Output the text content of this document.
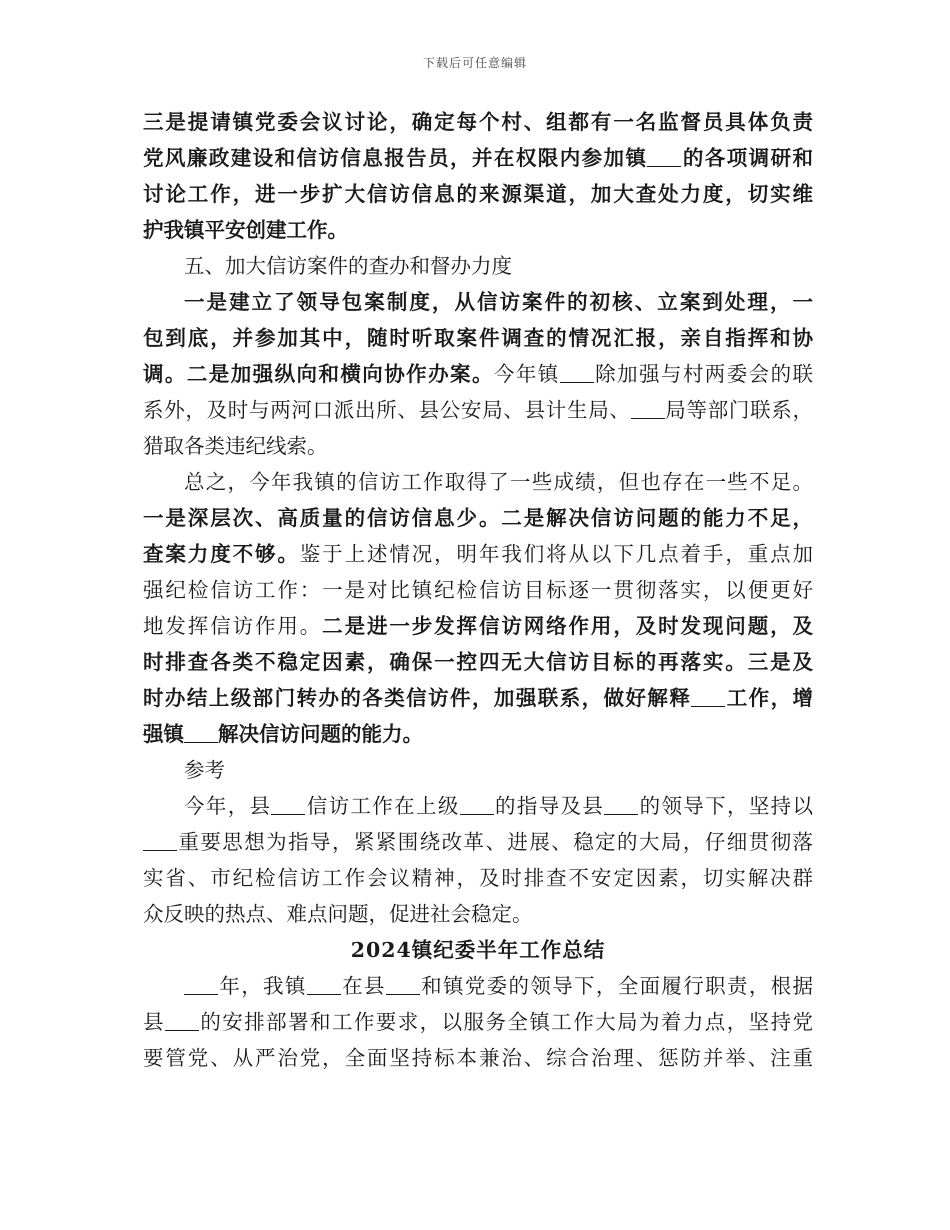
下载后可任意编辑
三是提请镇党委会议讨论，确定每个村、组都有一名监督员具体负责
党风廉政建设和信访信息报告员，并在权限内参加镇 的各项调研和
讨论工作，进一步扩大信访信息的来源渠道，加大查处力度，切实维
护我镇平安创建工作。
五、加大信访案件的查办和督办力度
一是建立了领导包案制度，从信访案件的初核、立案到处理，一
包到底，并参加其中，随时听取案件调查的情况汇报，亲自指挥和协
调。二是加强纵向和横向协作办案。今年镇 除加强与村两委会的联
系外，及时与两河口派出所、县公安局、县计生局、 局等部门联系，
猎取各类违纪线索。
总之，今年我镇的信访工作取得了一些成绩，但也存在一些不足。
一是深层次、高质量的信访信息少。二是解决信访问题的能力不足，
查案力度不够。鉴于上述情况，明年我们将从以下几点着手，重点加
强纪检信访工作：一是对比镇纪检信访目标逐一贯彻落实，以便更好
地发挥信访作用。二是进一步发挥信访网络作用，及时发现问题，及
时排查各类不稳定因素，确保一控四无大信访目标的再落实。三是及
时办结上级部门转办的各类信访件，加强联系，做好解释 工作，增
强镇 解决信访问题的能力。
参考
今年，县 信访工作在上级 的指导及县 的领导下，坚持以
重要思想为指导，紧紧围绕改革、进展、稳定的大局，仔细贯彻落
实省、市纪检信访工作会议精神，及时排查不安定因素，切实解决群
众反映的热点、难点问题，促进社会稳定。
2024镇纪委半年工作总结
年，我镇 在县 和镇党委的领导下，全面履行职责，根据
县 的安排部署和工作要求，以服务全镇工作大局为着力点，坚持党
要管党、从严治党，全面坚持标本兼治、综合治理、惩防并举、注重
